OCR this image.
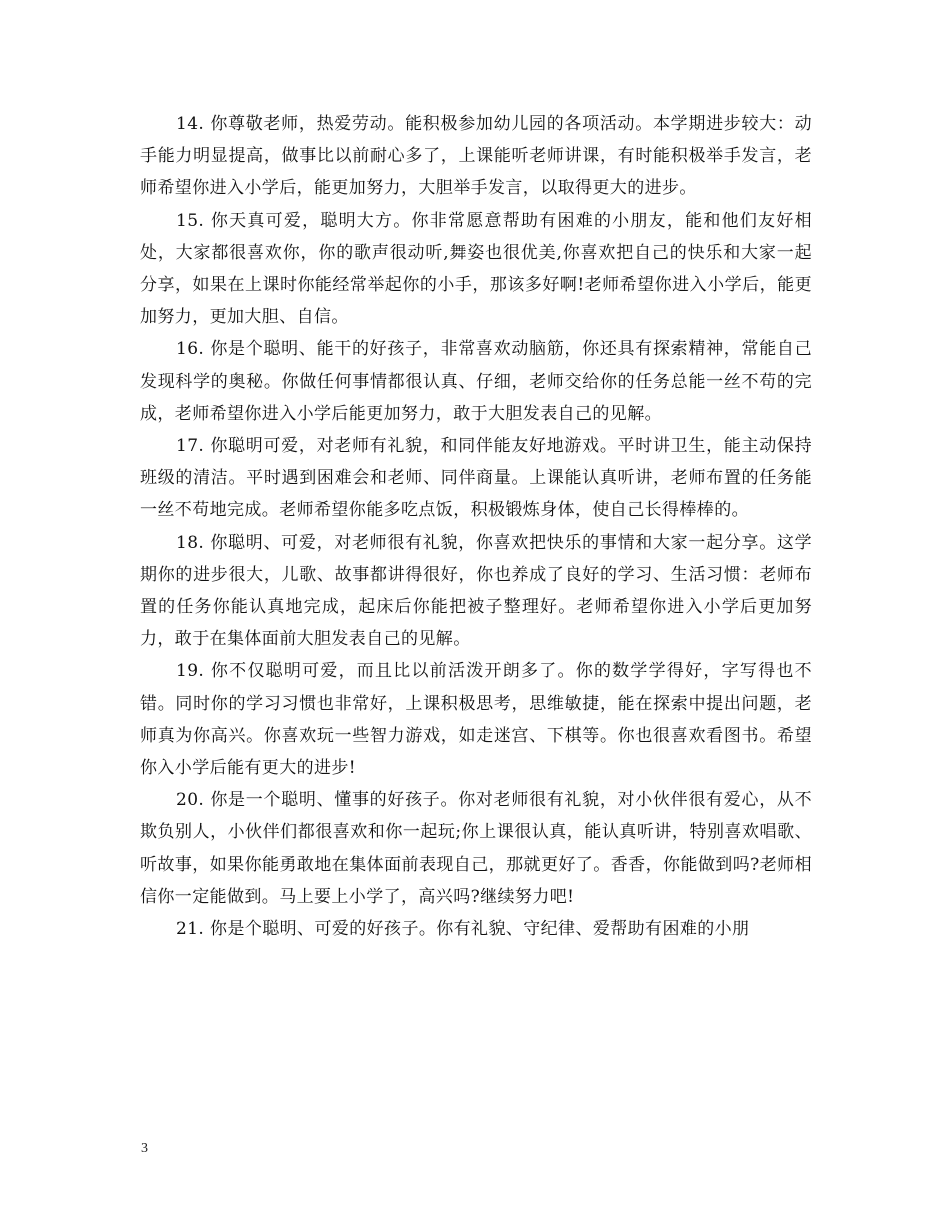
14. 你尊敬老师，热爱劳动。能积极参加幼儿园的各项活动。本学期进步较大：动手能力明显提高，做事比以前耐心多了，上课能听老师讲课，有时能积极举手发言，老师希望你进入小学后，能更加努力，大胆举手发言，以取得更大的进步。

15. 你天真可爱，聪明大方。你非常愿意帮助有困难的小朋友，能和他们友好相处，大家都很喜欢你，你的歌声很动听,舞姿也很优美,你喜欢把自己的快乐和大家一起分享，如果在上课时你能经常举起你的小手，那该多好啊!老师希望你进入小学后，能更加努力，更加大胆、自信。

16. 你是个聪明、能干的好孩子，非常喜欢动脑筋，你还具有探索精神，常能自己发现科学的奥秘。你做任何事情都很认真、仔细，老师交给你的任务总能一丝不苟的完成，老师希望你进入小学后能更加努力，敢于大胆发表自己的见解。

17. 你聪明可爱，对老师有礼貌，和同伴能友好地游戏。平时讲卫生，能主动保持班级的清洁。平时遇到困难会和老师、同伴商量。上课能认真听讲，老师布置的任务能一丝不苟地完成。老师希望你能多吃点饭，积极锻炼身体，使自己长得棒棒的。

18. 你聪明、可爱，对老师很有礼貌，你喜欢把快乐的事情和大家一起分享。这学期你的进步很大，儿歌、故事都讲得很好，你也养成了良好的学习、生活习惯：老师布置的任务你能认真地完成，起床后你能把被子整理好。老师希望你进入小学后更加努力，敢于在集体面前大胆发表自己的见解。

19. 你不仅聪明可爱，而且比以前活泼开朗多了。你的数学学得好，字写得也不错。同时你的学习习惯也非常好，上课积极思考，思维敏捷，能在探索中提出问题，老师真为你高兴。你喜欢玩一些智力游戏，如走迷宫、下棋等。你也很喜欢看图书。希望你入小学后能有更大的进步!

20. 你是一个聪明、懂事的好孩子。你对老师很有礼貌，对小伙伴很有爱心，从不欺负别人，小伙伴们都很喜欢和你一起玩;你上课很认真，能认真听讲，特别喜欢唱歌、听故事，如果你能勇敢地在集体面前表现自己，那就更好了。香香，你能做到吗?老师相信你一定能做到。马上要上小学了，高兴吗?继续努力吧!

21. 你是个聪明、可爱的好孩子。你有礼貌、守纪律、爱帮助有困难的小朋

3
